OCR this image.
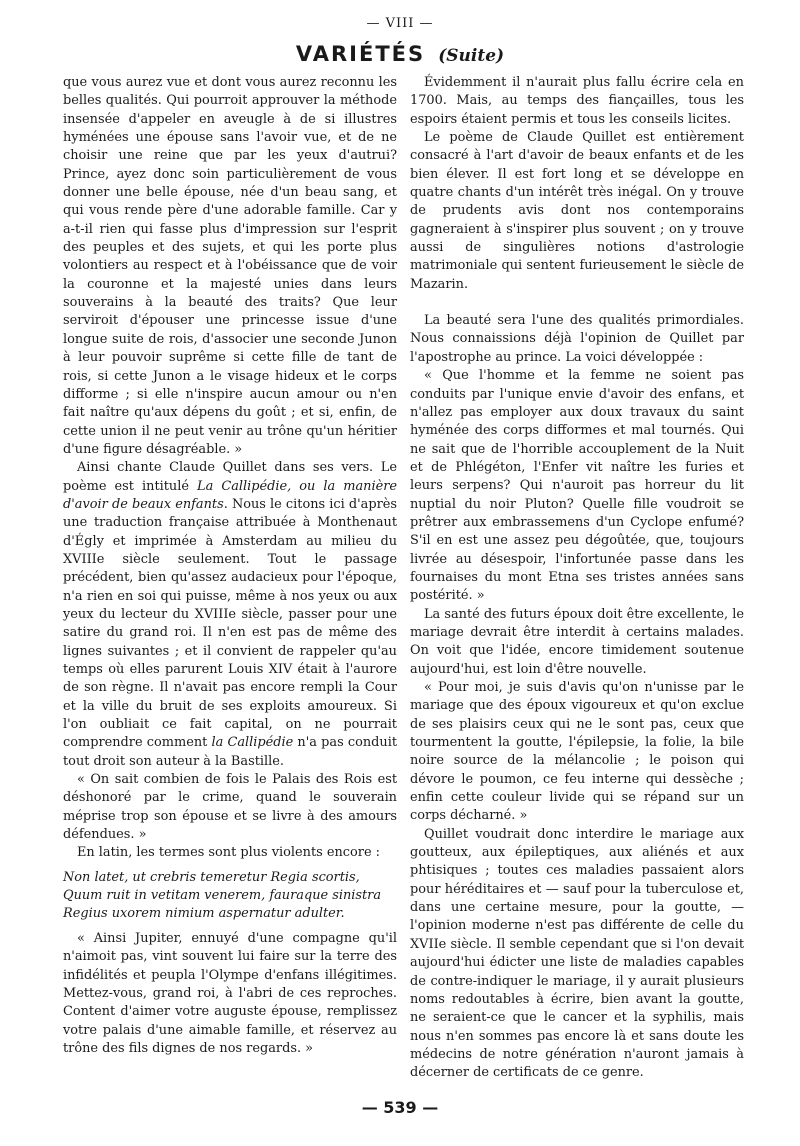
— VIII —
VARIÉTÉS (Suite)

que vous aurez vue et dont vous aurez reconnu les belles qualités. Qui pourroit approuver la méthode insensée d'appeler en aveugle à de si illustres hyménées une épouse sans l'avoir vue, et de ne choisir une reine que par les yeux d'autrui? Prince, ayez donc soin particulièrement de vous donner une belle épouse, née d'un beau sang, et qui vous rende père d'une adorable famille. Car y a-t-il rien qui fasse plus d'impression sur l'esprit des peuples et des sujets, et qui les porte plus volontiers au respect et à l'obéissance que de voir la couronne et la majesté unies dans leurs souverains à la beauté des traits? Que leur serviroit d'épouser une princesse issue d'une longue suite de rois, d'associer une seconde Junon à leur pouvoir suprême si cette fille de tant de rois, si cette Junon a le visage hideux et le corps difforme ; si elle n'inspire aucun amour ou n'en fait naître qu'aux dépens du goût ; et si, enfin, de cette union il ne peut venir au trône qu'un héritier d'une figure désagréable. »

Ainsi chante Claude Quillet dans ses vers. Le poème est intitulé La Callipédie, ou la manière d'avoir de beaux enfants. Nous le citons ici d'après une traduction française attribuée à Monthenaut d'Égly et imprimée à Amsterdam au milieu du XVIIIe siècle seulement. Tout le passage précédent, bien qu'assez audacieux pour l'époque, n'a rien en soi qui puisse, même à nos yeux ou aux yeux du lecteur du XVIIIe siècle, passer pour une satire du grand roi. Il n'en est pas de même des lignes suivantes ; et il convient de rappeler qu'au temps où elles parurent Louis XIV était à l'aurore de son règne. Il n'avait pas encore rempli la Cour et la ville du bruit de ses exploits amoureux. Si l'on oubliait ce fait capital, on ne pourrait comprendre comment la Callipédie n'a pas conduit tout droit son auteur à la Bastille.

« On sait combien de fois le Palais des Rois est déshonoré par le crime, quand le souverain méprise trop son épouse et se livre à des amours défendues. »

En latin, les termes sont plus violents encore :

Non latet, ut crebris temeretur Regia scortis,
Quum ruit in vetitam venerem, fauraque sinistra
Regius uxorem nimium aspernatur adulter.

« Ainsi Jupiter, ennuyé d'une compagne qu'il n'aimoit pas, vint souvent lui faire sur la terre des infidélités et peupla l'Olympe d'enfans illégitimes. Mettez-vous, grand roi, à l'abri de ces reproches. Content d'aimer votre auguste épouse, remplissez votre palais d'une aimable famille, et réservez au trône des fils dignes de nos regards. »

Évidemment il n'aurait plus fallu écrire cela en 1700. Mais, au temps des fiançailles, tous les espoirs étaient permis et tous les conseils licites.

Le poème de Claude Quillet est entièrement consacré à l'art d'avoir de beaux enfants et de les bien élever. Il est fort long et se développe en quatre chants d'un intérêt très inégal. On y trouve de prudents avis dont nos contemporains gagneraient à s'inspirer plus souvent ; on y trouve aussi de singulières notions d'astrologie matrimoniale qui sentent furieusement le siècle de Mazarin.

La beauté sera l'une des qualités primordiales. Nous connaissions déjà l'opinion de Quillet par l'apostrophe au prince. La voici développée :

« Que l'homme et la femme ne soient pas conduits par l'unique envie d'avoir des enfans, et n'allez pas employer aux doux travaux du saint hyménée des corps difformes et mal tournés. Qui ne sait que de l'horrible accouplement de la Nuit et de Phlégéton, l'Enfer vit naître les furies et leurs serpens? Qui n'auroit pas horreur du lit nuptial du noir Pluton? Quelle fille voudroit se prêtrer aux embrassemens d'un Cyclope enfumé? S'il en est une assez peu dégoûtée, que, toujours livrée au désespoir, l'infortunée passe dans les fournaises du mont Etna ses tristes années sans postérité. »

La santé des futurs époux doit être excellente, le mariage devrait être interdit à certains malades. On voit que l'idée, encore timidement soutenue aujourd'hui, est loin d'être nouvelle.

« Pour moi, je suis d'avis qu'on n'unisse par le mariage que des époux vigoureux et qu'on exclue de ses plaisirs ceux qui ne le sont pas, ceux que tourmentent la goutte, l'épilepsie, la folie, la bile noire source de la mélancolie ; le poison qui dévore le poumon, ce feu interne qui dessèche ; enfin cette couleur livide qui se répand sur un corps décharné. »

Quillet voudrait donc interdire le mariage aux goutteux, aux épileptiques, aux aliénés et aux phtisiques ; toutes ces maladies passaient alors pour héréditaires et — sauf pour la tuberculose et, dans une certaine mesure, pour la goutte, — l'opinion moderne n'est pas différente de celle du XVIIe siècle. Il semble cependant que si l'on devait aujourd'hui édicter une liste de maladies capables de contre-indiquer le mariage, il y aurait plusieurs noms redoutables à écrire, bien avant la goutte, ne seraient-ce que le cancer et la syphilis, mais nous n'en sommes pas encore là et sans doute les médecins de notre génération n'auront jamais à décerner de certificats de ce genre.

— 539 —
